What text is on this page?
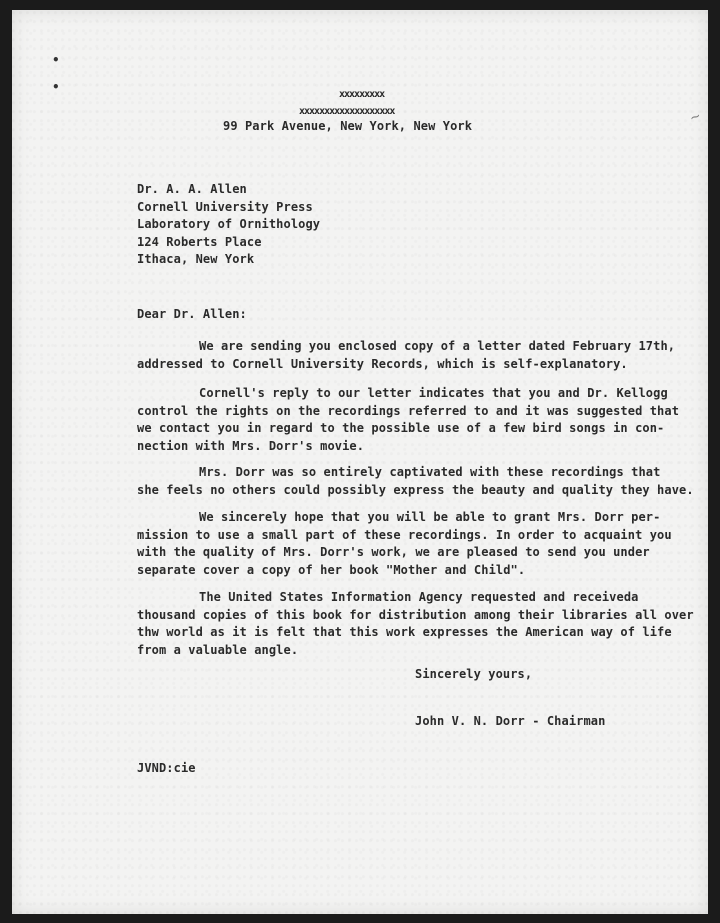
•
•
~
xxxxxxxxx
xxxxxxxxxxxxxxxxxxx
99 Park Avenue, New York, New York
Dr. A. A. Allen
Cornell University Press
Laboratory of Ornithology
124 Roberts Place
Ithaca, New York
Dear Dr. Allen:
We are sending you enclosed copy of a letter dated February 17th,
addressed to Cornell University Records, which is self-explanatory.
Cornell's reply to our letter indicates that you and Dr. Kellogg
control the rights on the recordings referred to and it was suggested that
we contact you in regard to the possible use of a few bird songs in con-
nection with Mrs. Dorr's movie.
Mrs. Dorr was so entirely captivated with these recordings that
she feels no others could possibly express the beauty and quality they have.
We sincerely hope that you will be able to grant Mrs. Dorr per-
mission to use a small part of these recordings. In order to acquaint you
with the quality of Mrs. Dorr's work, we are pleased to send you under
separate cover a copy of her book "Mother and Child".
The United States Information Agency requested and receiveda
thousand copies of this book for distribution among their libraries all over
thw world as it is felt that this work expresses the American way of life
from a valuable angle.
Sincerely yours,
John V. N. Dorr - Chairman
JVND:cie
